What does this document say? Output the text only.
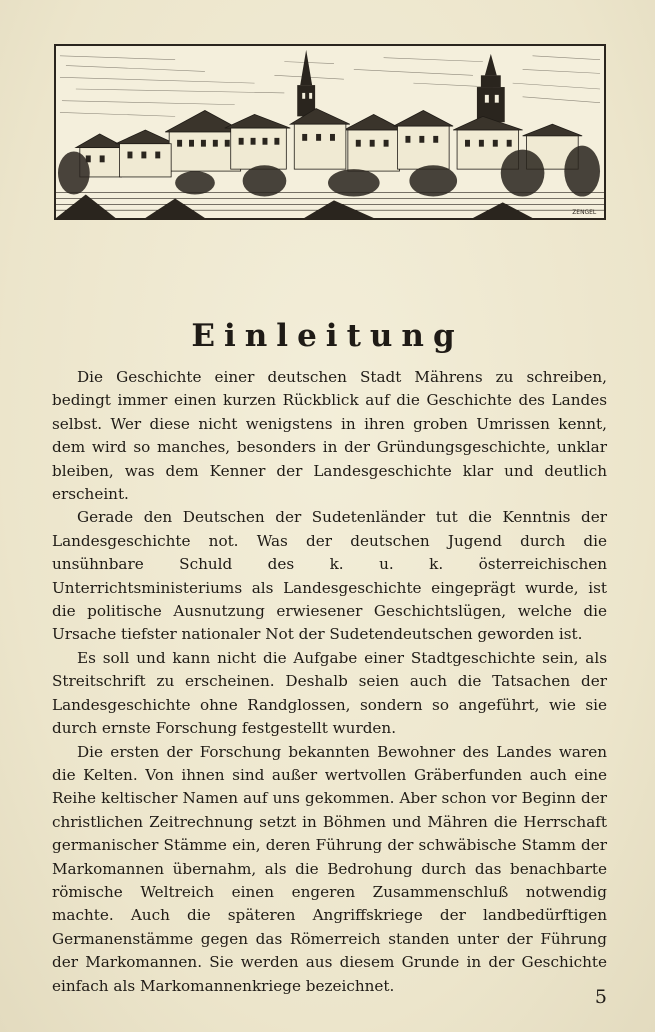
ZENGEL
Einleitung

Die Geschichte einer deutschen Stadt Mährens zu schreiben, bedingt immer einen kurzen Rückblick auf die Geschichte des Landes selbst. Wer diese nicht wenigstens in ihren groben Umrissen kennt, dem wird so manches, besonders in der Gründungsgeschichte, unklar bleiben, was dem Kenner der Landesgeschichte klar und deutlich erscheint.

Gerade den Deutschen der Sudetenländer tut die Kenntnis der Landesgeschichte not. Was der deutschen Jugend durch die unsühnbare Schuld des k. u. k. österreichischen Unterrichtsministeriums als Landesgeschichte eingeprägt wurde, ist die politische Ausnutzung erwiesener Geschichtslügen, welche die Ursache tiefster nationaler Not der Sudetendeutschen geworden ist.

Es soll und kann nicht die Aufgabe einer Stadtgeschichte sein, als Streitschrift zu erscheinen. Deshalb seien auch die Tatsachen der Landesgeschichte ohne Randglossen, sondern so angeführt, wie sie durch ernste Forschung festgestellt wurden.

Die ersten der Forschung bekannten Bewohner des Landes waren die Kelten. Von ihnen sind außer wertvollen Gräberfunden auch eine Reihe keltischer Namen auf uns gekommen. Aber schon vor Beginn der christlichen Zeitrechnung setzt in Böhmen und Mähren die Herrschaft germanischer Stämme ein, deren Führung der schwäbische Stamm der Markomannen übernahm, als die Bedrohung durch das benachbarte römische Weltreich einen engeren Zusammenschluß notwendig machte. Auch die späteren Angriffskriege der landbedürftigen Germanenstämme gegen das Römerreich standen unter der Führung der Markomannen. Sie werden aus diesem Grunde in der Geschichte einfach als Markomannenkriege bezeichnet.

5
